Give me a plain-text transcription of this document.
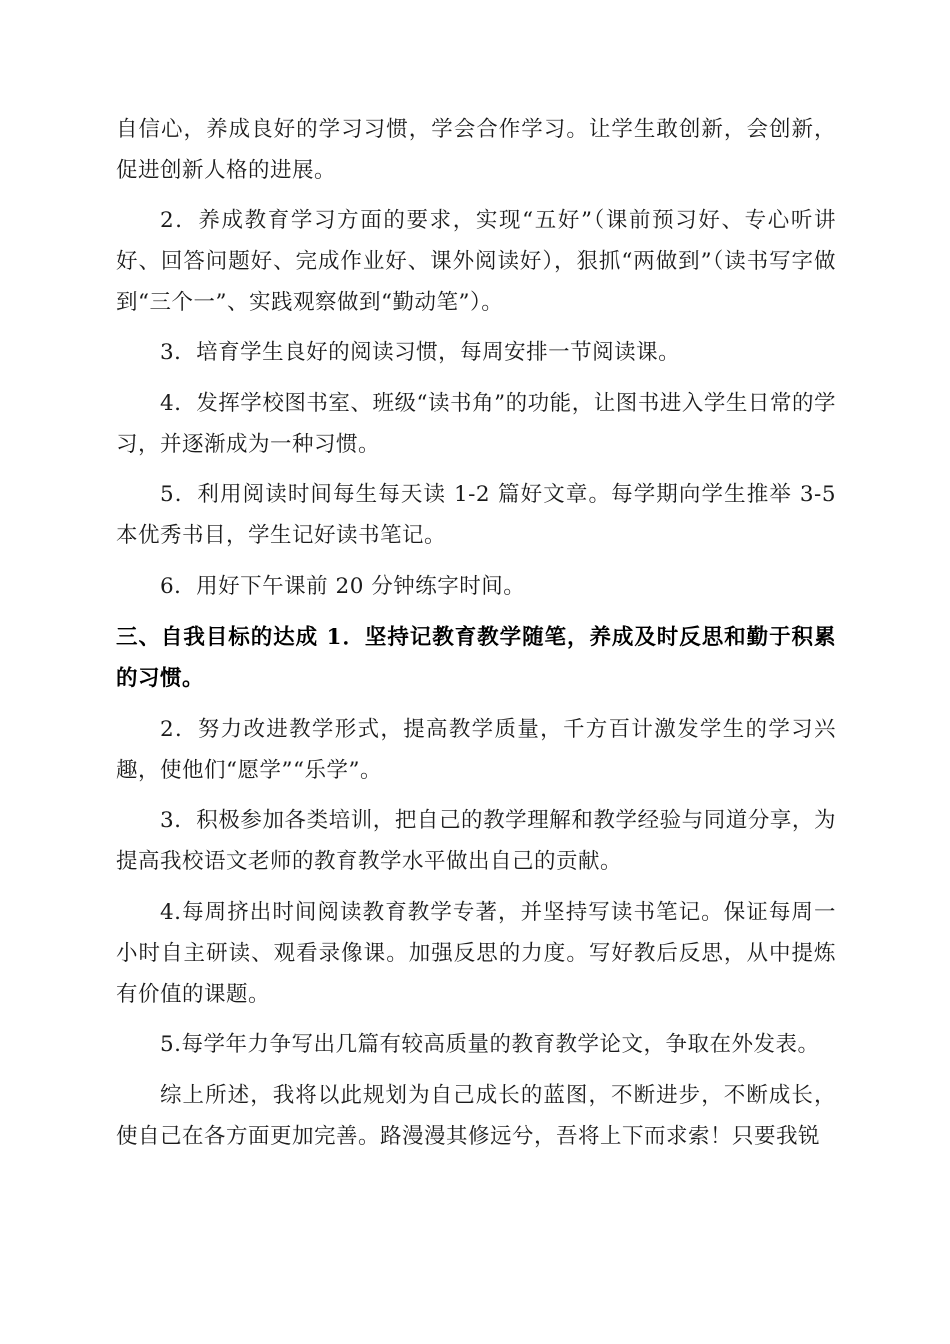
自信心，养成良好的学习习惯，学会合作学习。让学生敢创新，会创新，促进创新人格的进展。

2．养成教育学习方面的要求，实现“五好”（课前预习好、专心听讲好、回答问题好、完成作业好、课外阅读好），狠抓“两做到”（读书写字做到“三个一”、实践观察做到“勤动笔”）。

3．培育学生良好的阅读习惯，每周安排一节阅读课。

4．发挥学校图书室、班级“读书角”的功能，让图书进入学生日常的学习，并逐渐成为一种习惯。

5．利用阅读时间每生每天读 1-2 篇好文章。每学期向学生推举 3-5 本优秀书目，学生记好读书笔记。

6．用好下午课前 20 分钟练字时间。

三、自我目标的达成 1．坚持记教育教学随笔，养成及时反思和勤于积累的习惯。

2．努力改进教学形式，提高教学质量，千方百计激发学生的学习兴趣，使他们“愿学”“乐学”。

3．积极参加各类培训，把自己的教学理解和教学经验与同道分享，为提高我校语文老师的教育教学水平做出自己的贡献。

4.每周挤出时间阅读教育教学专著，并坚持写读书笔记。保证每周一小时自主研读、观看录像课。加强反思的力度。写好教后反思，从中提炼有价值的课题。

5.每学年力争写出几篇有较高质量的教育教学论文，争取在外发表。

综上所述，我将以此规划为自己成长的蓝图，不断进步，不断成长，使自己在各方面更加完善。路漫漫其修远兮，吾将上下而求索！只要我锐
